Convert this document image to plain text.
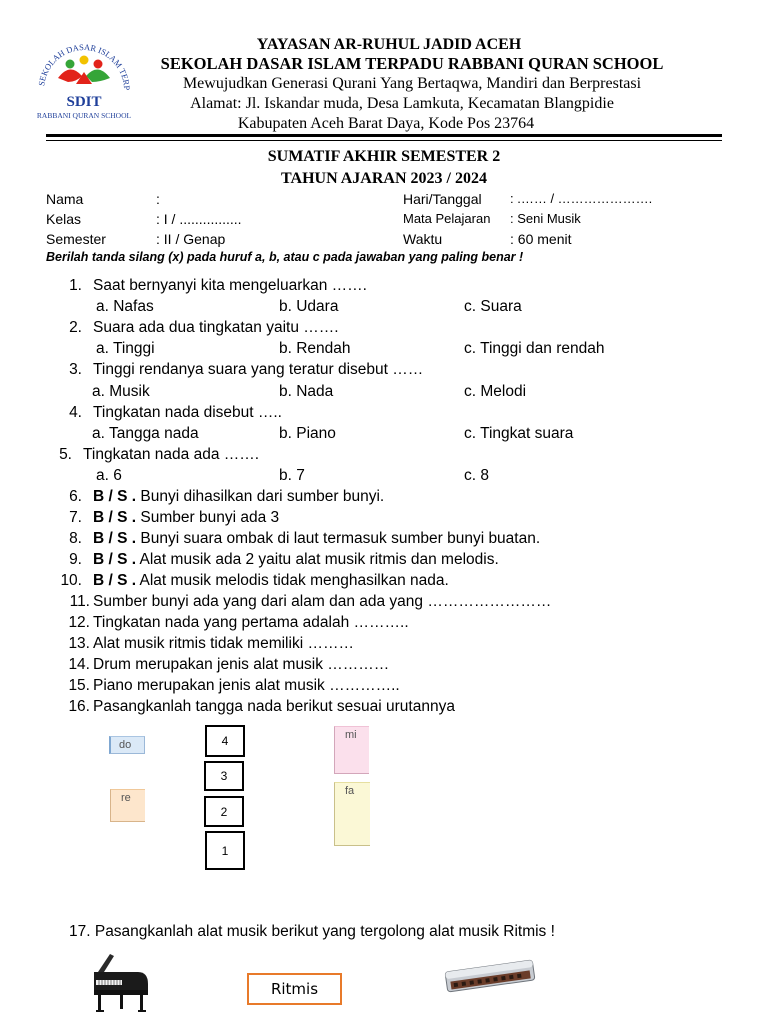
SEKOLAH DASAR ISLAM TERP
SDIT
RABBANI QURAN SCHOOL
YAYASAN AR-RUHUL JADID ACEH
SEKOLAH DASAR ISLAM TERPADU RABBANI QURAN SCHOOL
Mewujudkan Generasi Qurani Yang Bertaqwa, Mandiri dan Berprestasi
Alamat: Jl. Iskandar muda, Desa Lamkuta, Kecamatan Blangpidie
Kabupaten Aceh Barat Daya, Kode Pos 23764
SUMATIF AKHIR SEMESTER 2
TAHUN AJARAN 2023 / 2024
Nama	:
Kelas	: I / ................
Semester	: II / Genap
Hari/Tanggal : .…… / ………………….
Mata Pelajaran : Seni Musik
Waktu	: 60 menit
Berilah tanda silang (x) pada huruf a, b, atau c pada jawaban yang paling benar !
1. Saat bernyanyi kita mengeluarkan …….
a. Nafas	b. Udara	c. Suara
2. Suara ada dua tingkatan yaitu …….
a. Tinggi	b. Rendah	c. Tinggi dan rendah
3. Tinggi rendanya suara yang teratur disebut ……
a. Musik	b. Nada	c. Melodi
4. Tingkatan nada disebut …..
a. Tangga nada	b. Piano	c. Tingkat suara
5. Tingkatan nada ada …….
a. 6	b. 7	c. 8
6. B / S . Bunyi dihasilkan dari sumber bunyi.
7. B / S . Sumber bunyi ada 3
8. B / S . Bunyi suara ombak di laut termasuk sumber bunyi buatan.
9. B / S . Alat musik ada 2 yaitu alat musik ritmis dan melodis.
10. B / S . Alat musik melodis tidak menghasilkan nada.
11. Sumber bunyi ada yang dari alam dan ada yang ……………………
12. Tingkatan nada yang pertama adalah ………..
13. Alat musik ritmis tidak memiliki ………
14. Drum merupakan jenis alat musik …………
15. Piano merupakan jenis alat musik …………..
16. Pasangkanlah tangga nada berikut sesuai urutannya
do
re
mi
fa
4
3
2
1
17. Pasangkanlah alat musik berikut yang tergolong alat musik Ritmis !
Ritmis
